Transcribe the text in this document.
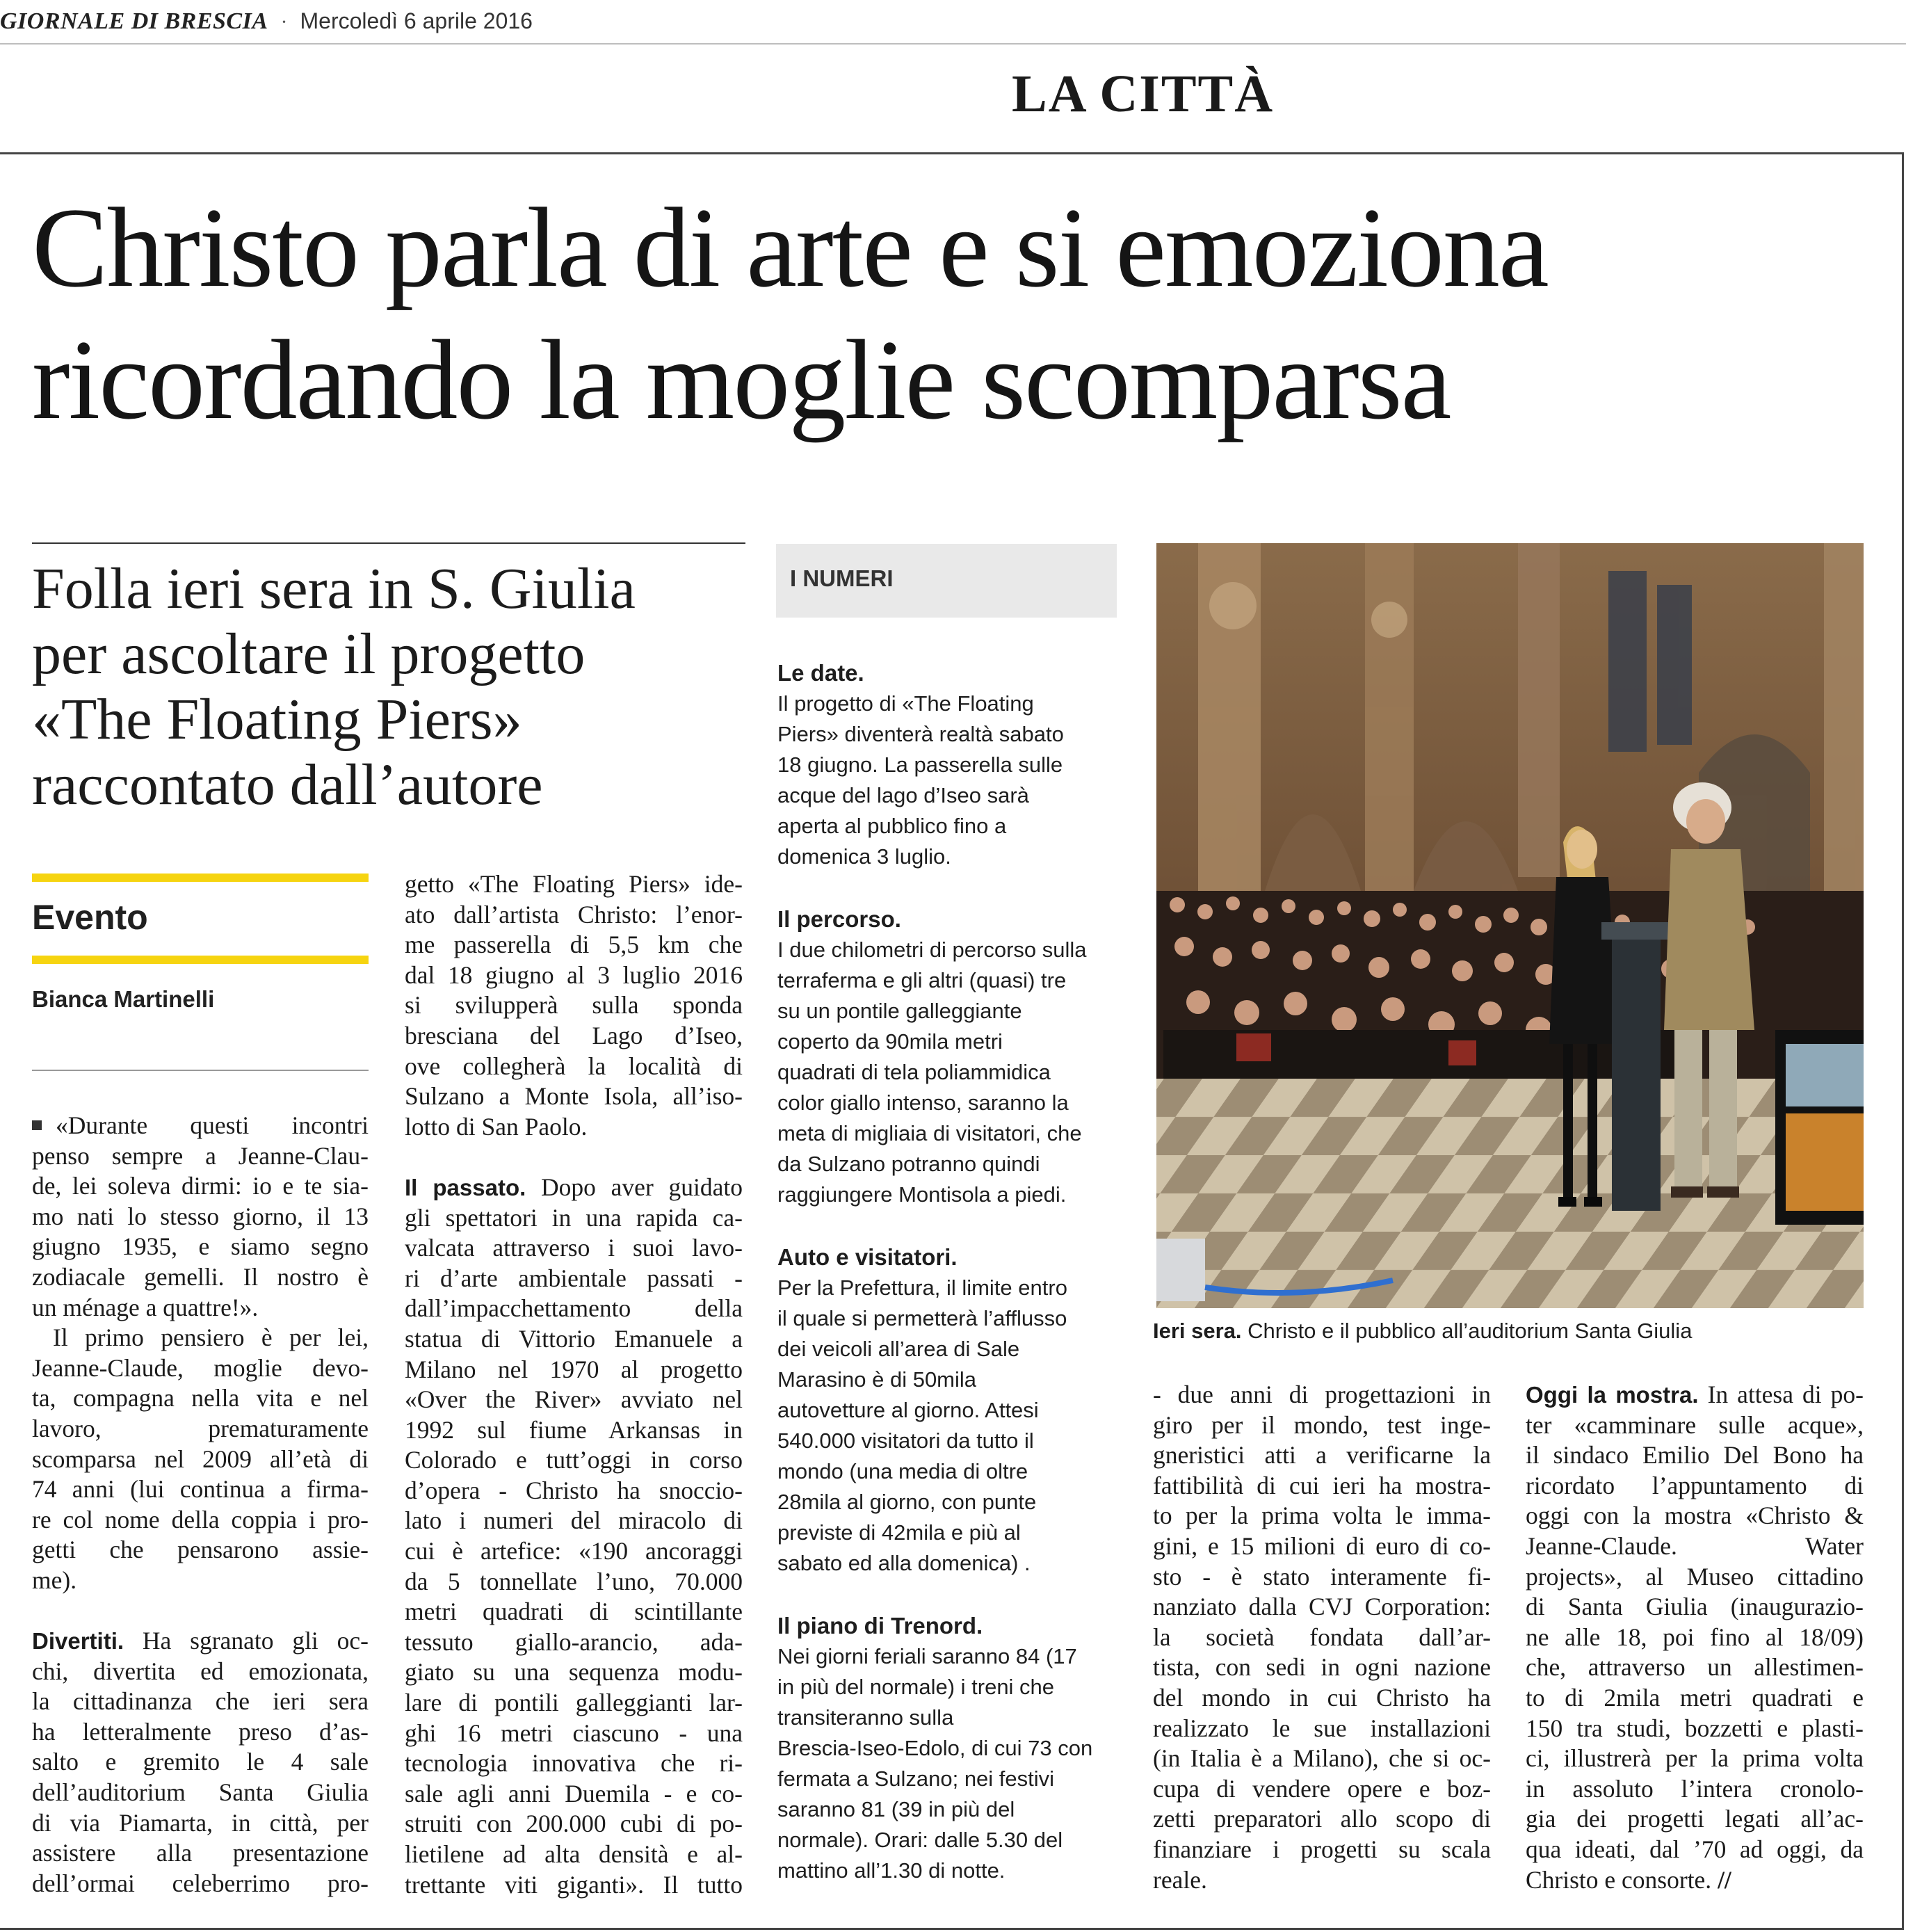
GIORNALE DI BRESCIA · Mercoledì 6 aprile 2016
LA CITTÀ
Christo parla di arte e si emoziona
ricordando la moglie scomparsa
Folla ieri sera in S. Giulia
per ascoltare il progetto
«The Floating Piers»
raccontato dall’autore
Evento
Bianca Martinelli
«Durante questi incontri
penso sempre a Jeanne-Clau-
de, lei soleva dirmi: io e te sia-
mo nati lo stesso giorno, il 13
giugno 1935, e siamo segno
zodiacale gemelli. Il nostro è
un ménage a quattre!».
Il primo pensiero è per lei,
Jeanne-Claude, moglie devo-
ta, compagna nella vita e nel
lavoro, prematuramente
scomparsa nel 2009 all’età di
74 anni (lui continua a firma-
re col nome della coppia i pro-
getti che pensarono assie-
me).
Divertiti. Ha sgranato gli oc-
chi, divertita ed emozionata,
la cittadinanza che ieri sera
ha letteralmente preso d’as-
salto e gremito le 4 sale
dell’auditorium Santa Giulia
di via Piamarta, in città, per
assistere alla presentazione
dell’ormai celeberrimo pro-
getto «The Floating Piers» ide-
ato dall’artista Christo: l’enor-
me passerella di 5,5 km che
dal 18 giugno al 3 luglio 2016
si svilupperà sulla sponda
bresciana del Lago d’Iseo,
ove collegherà la località di
Sulzano a Monte Isola, all’iso-
lotto di San Paolo.
Il passato. Dopo aver guidato
gli spettatori in una rapida ca-
valcata attraverso i suoi lavo-
ri d’arte ambientale passati -
dall’impacchettamento della
statua di Vittorio Emanuele a
Milano nel 1970 al progetto
«Over the River» avviato nel
1992 sul fiume Arkansas in
Colorado e tutt’oggi in corso
d’opera - Christo ha snoccio-
lato i numeri del miracolo di
cui è artefice: «190 ancoraggi
da 5 tonnellate l’uno, 70.000
metri quadrati di scintillante
tessuto giallo-arancio, ada-
giato su una sequenza modu-
lare di pontili galleggianti lar-
ghi 16 metri ciascuno - una
tecnologia innovativa che ri-
sale agli anni Duemila - e co-
struiti con 200.000 cubi di po-
lietilene ad alta densità e al-
trettante viti giganti». Il tutto
I NUMERI
Le date.
Il progetto di «The Floating
Piers» diventerà realtà sabato
18 giugno. La passerella sulle
acque del lago d’Iseo sarà
aperta al pubblico fino a
domenica 3 luglio.
Il percorso.
I due chilometri di percorso sulla
terraferma e gli altri (quasi) tre
su un pontile galleggiante
coperto da 90mila metri
quadrati di tela poliammidica
color giallo intenso, saranno la
meta di migliaia di visitatori, che
da Sulzano potranno quindi
raggiungere Montisola a piedi.
Auto e visitatori.
Per la Prefettura, il limite entro
il quale si permetterà l’afflusso
dei veicoli all’area di Sale
Marasino è di 50mila
autovetture al giorno. Attesi
540.000 visitatori da tutto il
mondo (una media di oltre
28mila al giorno, con punte
previste di 42mila e più al
sabato ed alla domenica) .
Il piano di Trenord.
Nei giorni feriali saranno 84 (17
in più del normale) i treni che
transiteranno sulla
Brescia-Iseo-Edolo, di cui 73 con
fermata a Sulzano; nei festivi
saranno 81 (39 in più del
normale). Orari: dalle 5.30 del
mattino all’1.30 di notte.
Ieri sera. Christo e il pubblico all’auditorium Santa Giulia
- due anni di progettazioni in
giro per il mondo, test inge-
gneristici atti a verificarne la
fattibilità di cui ieri ha mostra-
to per la prima volta le imma-
gini, e 15 milioni di euro di co-
sto - è stato interamente fi-
nanziato dalla CVJ Corporation:
la società fondata dall’ar-
tista, con sedi in ogni nazione
del mondo in cui Christo ha
realizzato le sue installazioni
(in Italia è a Milano), che si oc-
cupa di vendere opere e boz-
zetti preparatori allo scopo di
finanziare i progetti su scala
reale.
Oggi la mostra. In attesa di po-
ter «camminare sulle acque»,
il sindaco Emilio Del Bono ha
ricordato l’appuntamento di
oggi con la mostra «Christo &
Jeanne-Claude. Water
projects», al Museo cittadino
di Santa Giulia (inaugurazio-
ne alle 18, poi fino al 18/09)
che, attraverso un allestimen-
to di 2mila metri quadrati e
150 tra studi, bozzetti e plasti-
ci, illustrerà per la prima volta
in assoluto l’intera cronolo-
gia dei progetti legati all’ac-
qua ideati, dal ’70 ad oggi, da
Christo e consorte. //
